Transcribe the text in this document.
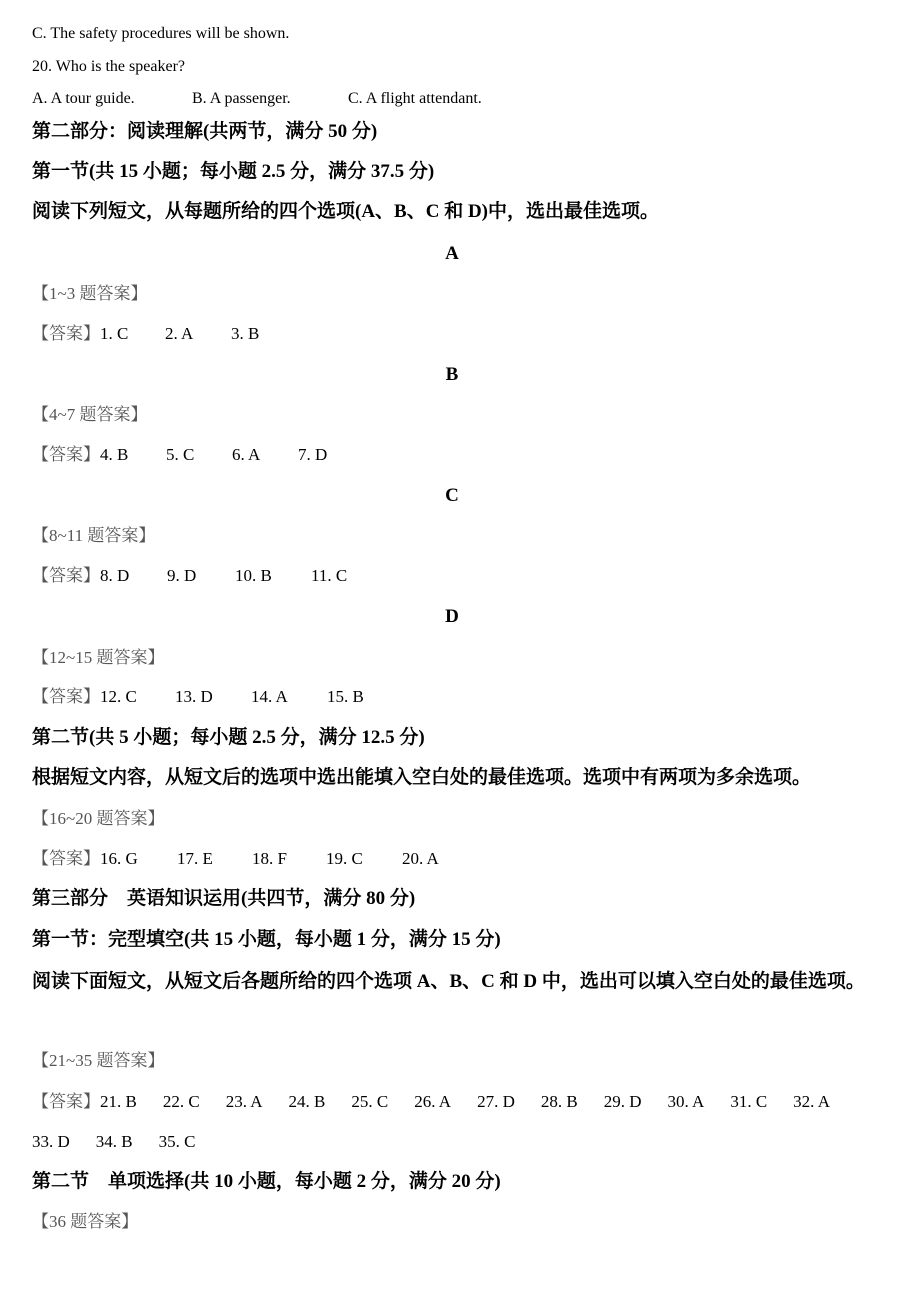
C. The safety procedures will be shown.
20. Who is the speaker?
A. A tour guide.	B. A passenger.	C. A flight attendant.
第二部分：阅读理解(共两节，满分 50 分)
第一节(共 15 小题；每小题 2.5 分，满分 37.5 分)
阅读下列短文，从每题所给的四个选项(A、B、C 和 D)中，选出最佳选项。
A
【1~3 题答案】
【答案】1. C 2. A 3. B
B
【4~7 题答案】
【答案】4. B 5. C 6. A 7. D
C
【8~11 题答案】
【答案】8. D 9. D 10. B 11. C
D
【12~15 题答案】
【答案】12. C 13. D 14. A 15. B
第二节(共 5 小题；每小题 2.5 分，满分 12.5 分)
根据短文内容，从短文后的选项中选出能填入空白处的最佳选项。选项中有两项为多余选项。
【16~20 题答案】
【答案】16. G 17. E 18. F 19. C 20. A
第三部分　英语知识运用(共四节，满分 80 分)
第一节：完型填空(共 15 小题，每小题 1 分，满分 15 分)
阅读下面短文，从短文后各题所给的四个选项 A、B、C 和 D 中，选出可以填入空白处的最佳选项。
【21~35 题答案】
【答案】21. B 22. C 23. A 24. B 25. C 26. A 27. D 28. B 29. D 30. A 31. C 32. A33. D 34. B 35. C
第二节　单项选择(共 10 小题，每小题 2 分，满分 20 分)
【36 题答案】
